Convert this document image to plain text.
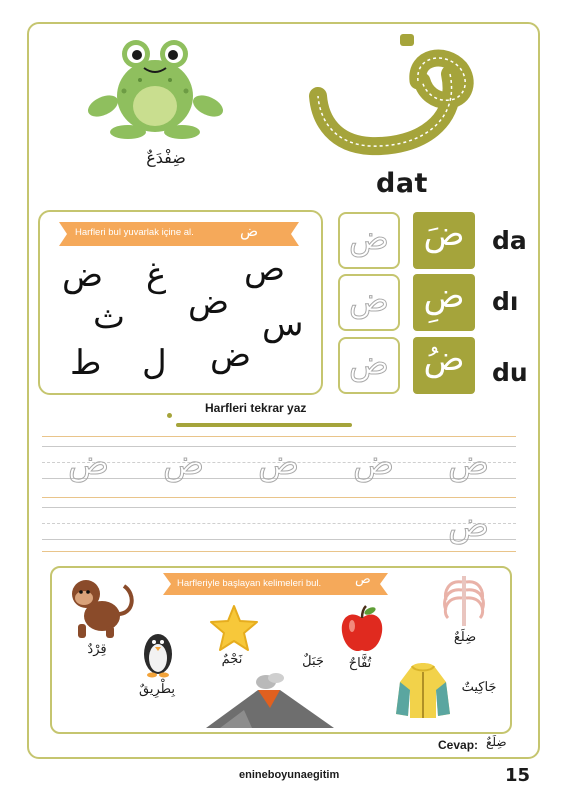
ضِفْدَعٌ
dat
Harfleri bul yuvarlak içine al.	ض
ض غ ص
ث ض
س
ط ل ض
ض	ضَ	da
ض	ضِ	dı
ض	ضُ	du
Harfleri tekrar yaz
ض ض ض ض ض
ض
Harfleriyle başlayan kelimeleri bul.	ص
قِرْدٌ
بِطْرِيقٌ
نَجْمٌ	جَبَلٌ	تُفَّاحٌ
ضِلَعٌ
جَاكِيتٌ
Cevap: ضِلَعٌ
enineboyunaegitim	15
